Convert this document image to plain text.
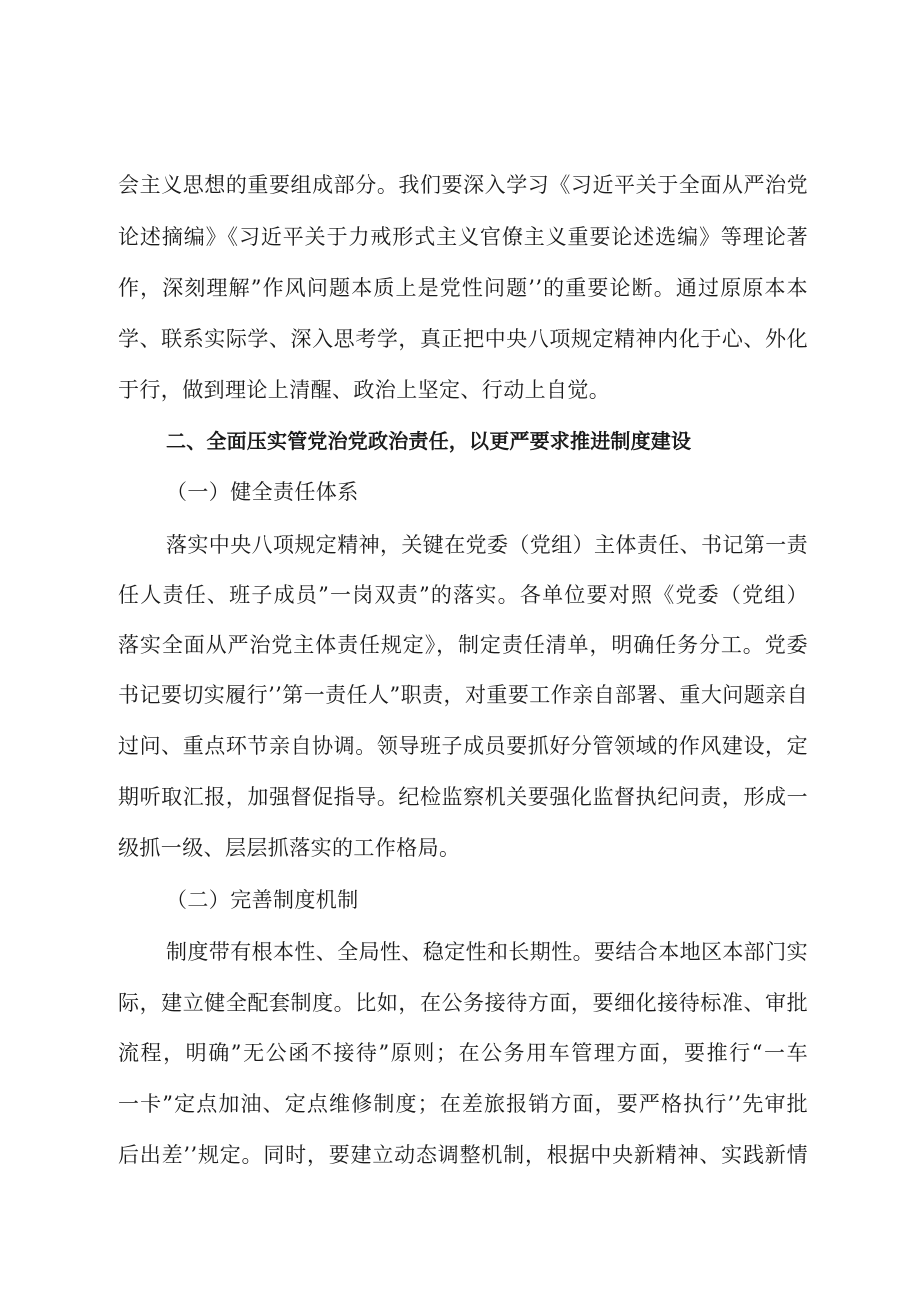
会主义思想的重要组成部分。我们要深入学习《习近平关于全面从严治党
论述摘编》《习近平关于力戒形式主义官僚主义重要论述选编》等理论著
作，深刻理解”作风问题本质上是党性问题’’的重要论断。通过原原本本
学、联系实际学、深入思考学，真正把中央八项规定精神内化于心、外化
于行，做到理论上清醒、政治上坚定、行动上自觉。
二、全面压实管党治党政治责任，以更严要求推进制度建设
（一）健全责任体系
落实中央八项规定精神，关键在党委（党组）主体责任、书记第一责
任人责任、班子成员”一岗双责”的落实。各单位要对照《党委（党组）
落实全面从严治党主体责任规定》，制定责任清单，明确任务分工。党委
书记要切实履行’’第一责任人”职责，对重要工作亲自部署、重大问题亲自
过问、重点环节亲自协调。领导班子成员要抓好分管领域的作风建设，定
期听取汇报，加强督促指导。纪检监察机关要强化监督执纪问责，形成一
级抓一级、层层抓落实的工作格局。
（二）完善制度机制
制度带有根本性、全局性、稳定性和长期性。要结合本地区本部门实
际，建立健全配套制度。比如，在公务接待方面，要细化接待标准、审批
流程，明确”无公函不接待”原则；在公务用车管理方面，要推行“一车
一卡”定点加油、定点维修制度；在差旅报销方面，要严格执行’’先审批
后出差’’规定。同时，要建立动态调整机制，根据中央新精神、实践新情
